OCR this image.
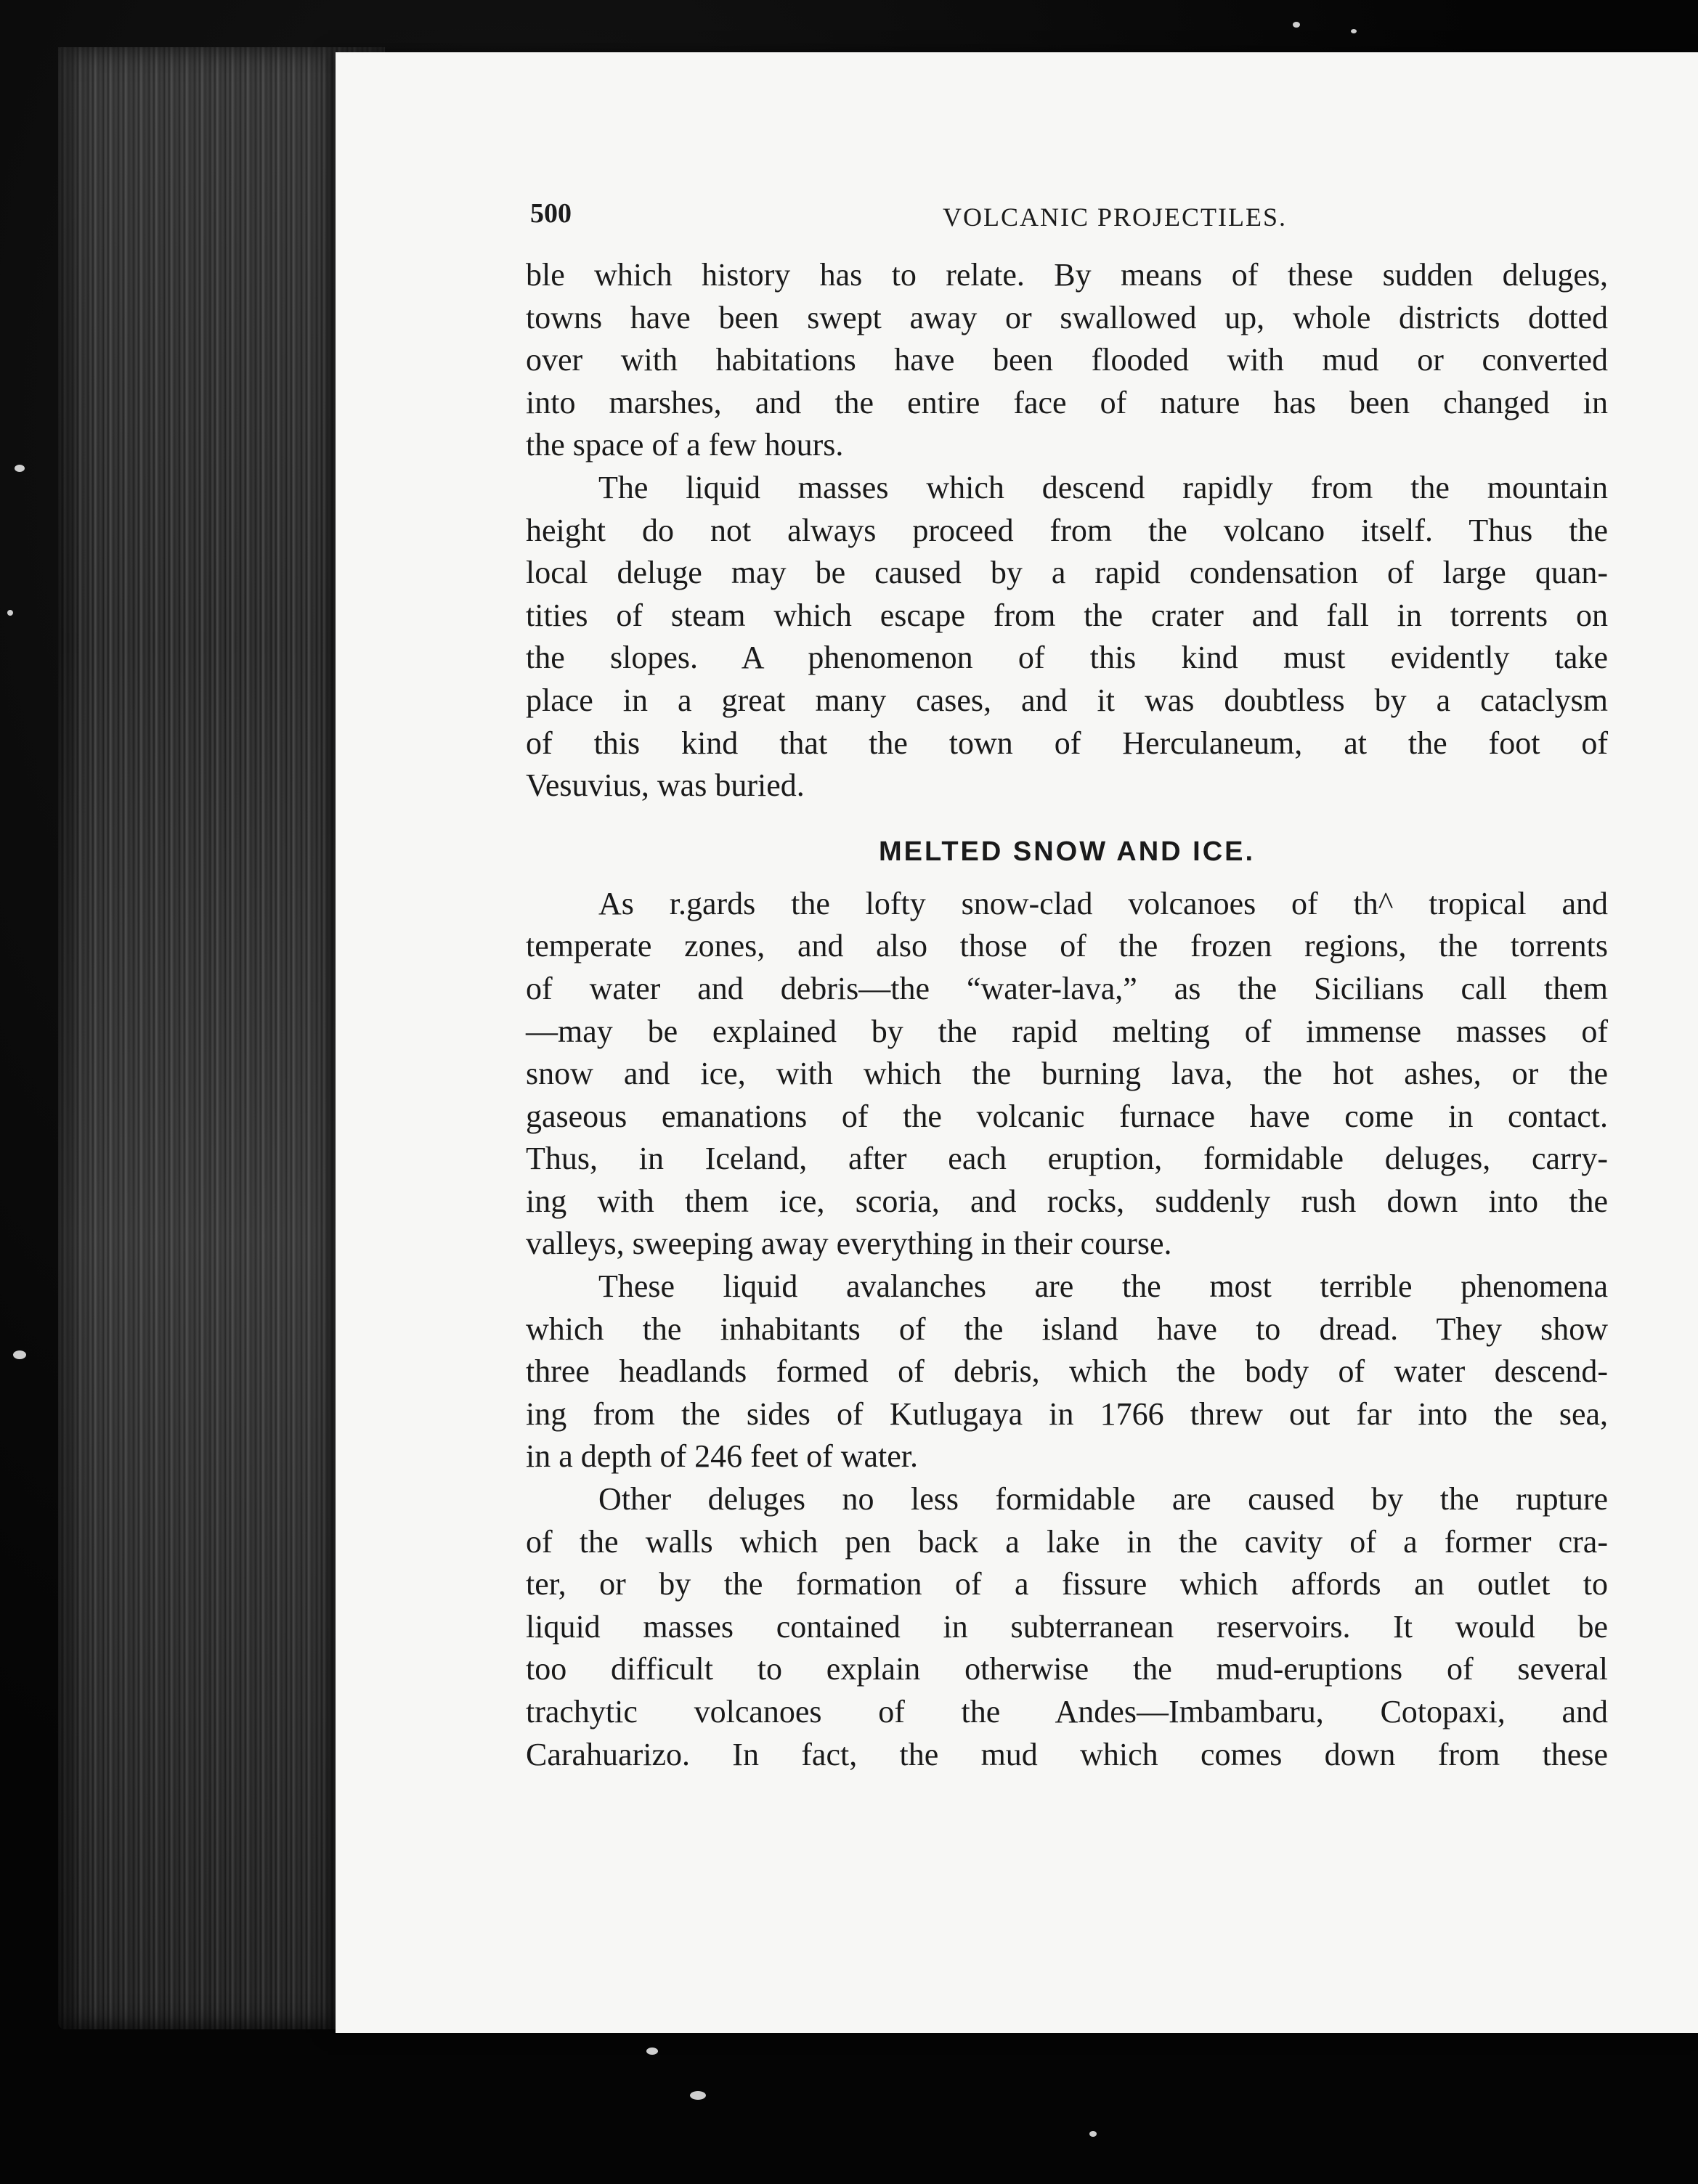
500	VOLCANIC PROJECTILES.
ble which history has to relate. By means of these sudden deluges,
towns have been swept away or swallowed up, whole districts dotted
over with habitations have been flooded with mud or converted
into marshes, and the entire face of nature has been changed in
the space of a few hours.
The liquid masses which descend rapidly from the mountain
height do not always proceed from the volcano itself. Thus the
local deluge may be caused by a rapid condensation of large quan-
tities of steam which escape from the crater and fall in torrents on
the slopes. A phenomenon of this kind must evidently take
place in a great many cases, and it was doubtless by a cataclysm
of this kind that the town of Herculaneum, at the foot of
Vesuvius, was buried.
MELTED SNOW AND ICE.
As r.gards the lofty snow-clad volcanoes of th^ tropical and
temperate zones, and also those of the frozen regions, the torrents
of water and debris—the “water-lava,” as the Sicilians call them
—may be explained by the rapid melting of immense masses of
snow and ice, with which the burning lava, the hot ashes, or the
gaseous emanations of the volcanic furnace have come in contact.
Thus, in Iceland, after each eruption, formidable deluges, carry-
ing with them ice, scoria, and rocks, suddenly rush down into the
valleys, sweeping away everything in their course.
These liquid avalanches are the most terrible phenomena
which the inhabitants of the island have to dread. They show
three headlands formed of debris, which the body of water descend-
ing from the sides of Kutlugaya in 1766 threw out far into the sea,
in a depth of 246 feet of water.
Other deluges no less formidable are caused by the rupture
of the walls which pen back a lake in the cavity of a former cra-
ter, or by the formation of a fissure which affords an outlet to
liquid masses contained in subterranean reservoirs. It would be
too difficult to explain otherwise the mud-eruptions of several
trachytic volcanoes of the Andes—Imbambaru, Cotopaxi, and
Carahuarizo. In fact, the mud which comes down from these
